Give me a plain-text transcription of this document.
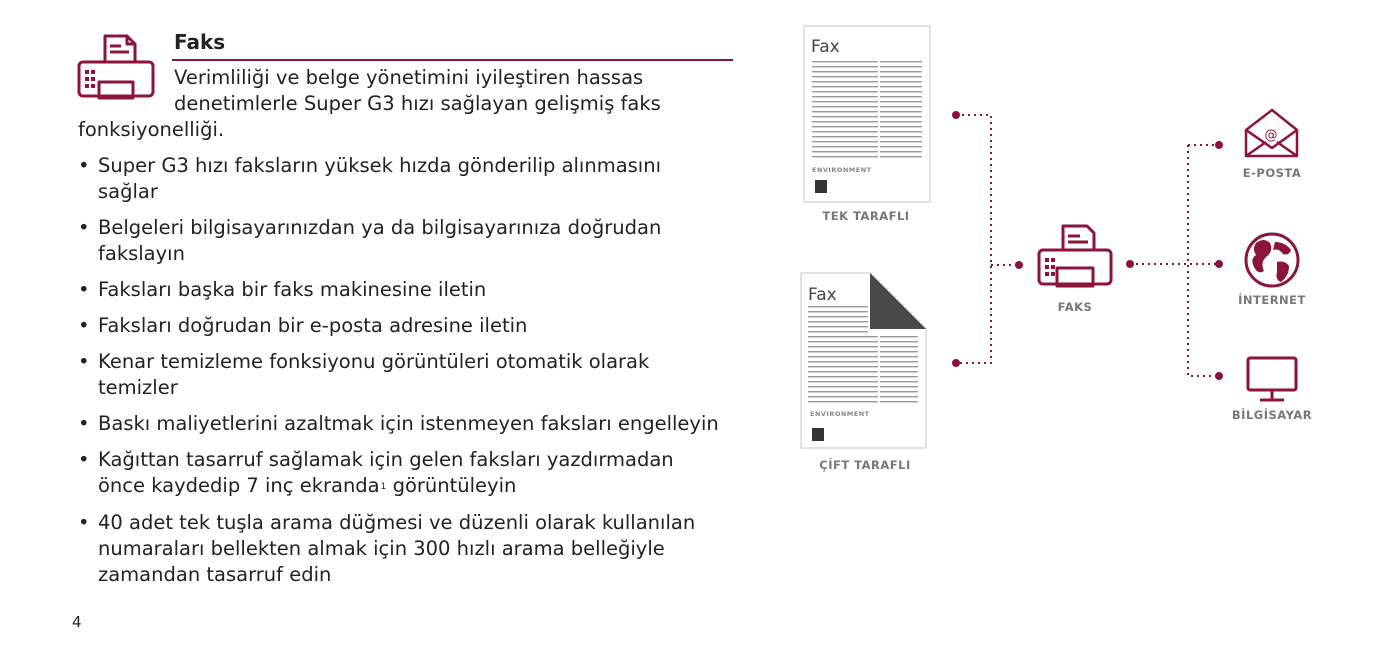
Faks
Verimliliği ve belge yönetimini iyileştiren hassas
denetimlerle Super G3 hızı sağlayan gelişmiş faks
fonksiyonelliği.
• Super G3 hızı faksların yüksek hızda gönderilip alınmasını sağlar
• Belgeleri bilgisayarınızdan ya da bilgisayarınıza doğrudan fakslayın
• Faksları başka bir faks makinesine iletin
• Faksları doğrudan bir e-posta adresine iletin
• Kenar temizleme fonksiyonu görüntüleri otomatik olarak temizler
• Baskı maliyetlerini azaltmak için istenmeyen faksları engelleyin
• Kağıttan tasarruf sağlamak için gelen faksları yazdırmadan önce kaydedip 7 inç ekranda$^1$ görüntüleyin
• 40 adet tek tuşla arama düğmesi ve düzenli olarak kullanılan numaraları bellekten almak için 300 hızlı arama belleğiyle zamandan tasarruf edin
4
Fax
ENVIRONMENT
Fax
ENVIRONMENT
@
TEK TARAFLI
ÇİFT TARAFLI
FAKS
E-POSTA
İNTERNET
BİLGİSAYAR
